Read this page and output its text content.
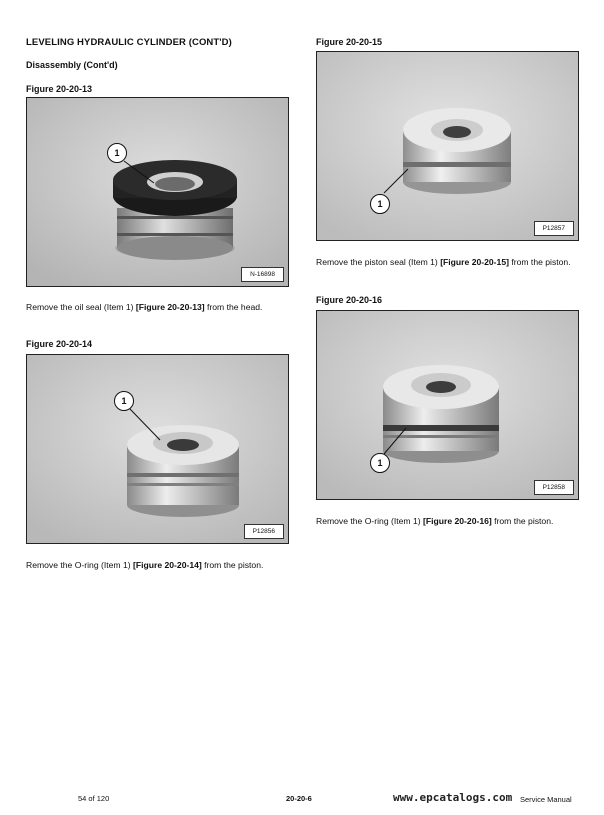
LEVELING HYDRAULIC CYLINDER (CONT'D)
Disassembly (Cont'd)
Figure 20-20-13
1
N-16898
Remove the oil seal (Item 1) [Figure 20-20-13] from the head.
Figure 20-20-14
1
P12856
Remove the O-ring (Item 1) [Figure 20-20-14] from the piston.
Figure 20-20-15
1
P12857
Remove the piston seal (Item 1) [Figure 20-20-15] from the piston.
Figure 20-20-16
1
P12858
Remove the O-ring (Item 1) [Figure 20-20-16] from the piston.
54 of 120	20-20-6	Service Manual
www.epcatalogs.com
